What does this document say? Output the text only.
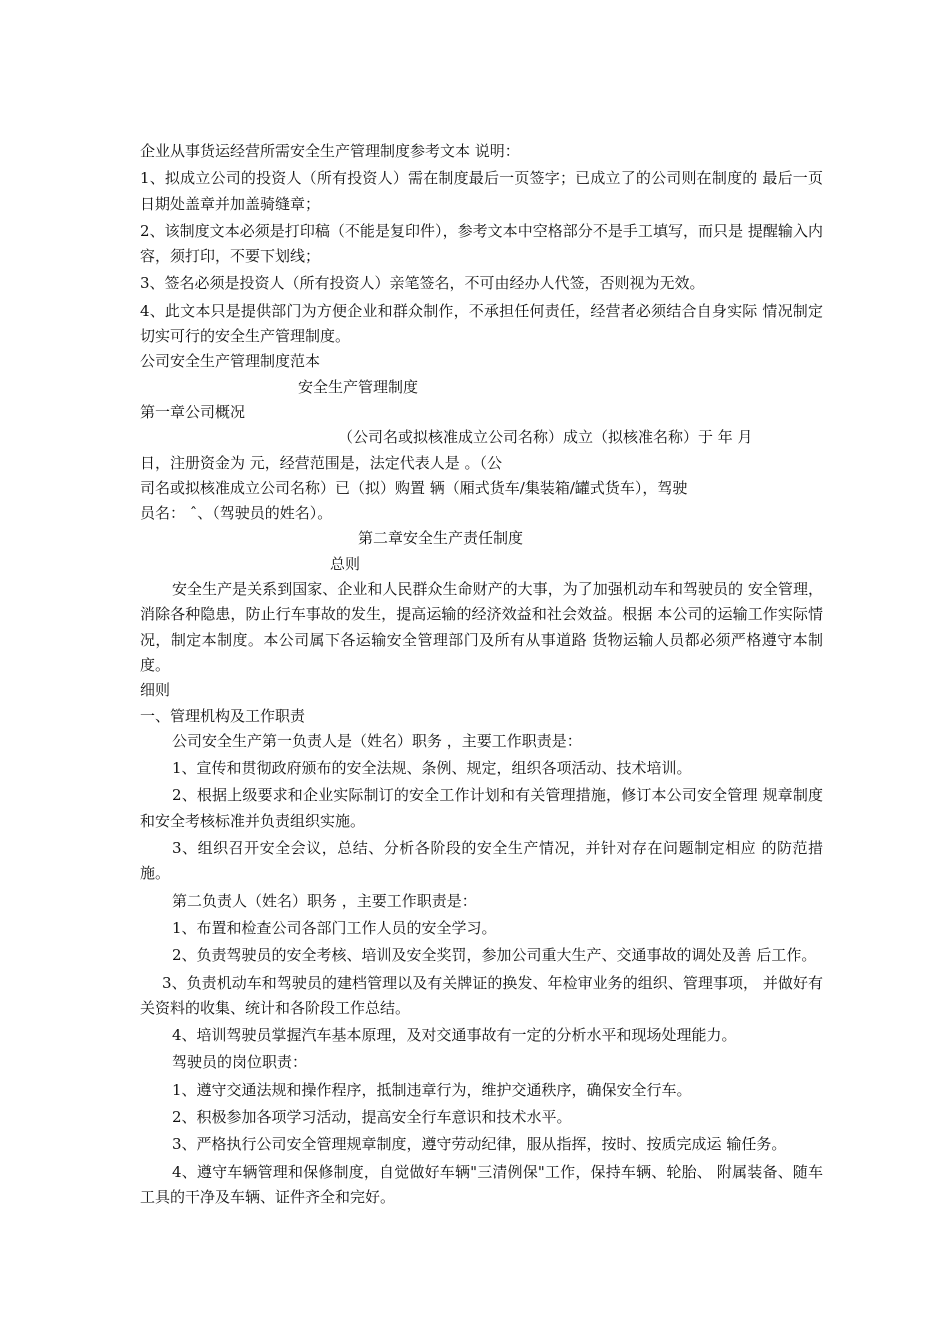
企业从事货运经营所需安全生产管理制度参考文本 说明：

1、拟成立公司的投资人（所有投资人）需在制度最后一页签字；已成立了的公司则在制度的 最后一页日期处盖章并加盖骑缝章；

2、该制度文本必须是打印稿（不能是复印件），参考文本中空格部分不是手工填写，而只是 提醒输入内容，须打印，不要下划线；

3、签名必须是投资人（所有投资人）亲笔签名，不可由经办人代签，否则视为无效。

4、此文本只是提供部门为方便企业和群众制作，不承担任何责任，经营者必须结合自身实际 情况制定切实可行的安全生产管理制度。

公司安全生产管理制度范本

安全生产管理制度

第一章公司概况

（公司名或拟核准成立公司名称）成立（拟核准名称）于 年 月

日，注册资金为 元，经营范围是，法定代表人是 。（公

司名或拟核准成立公司名称）已（拟）购置 辆（厢式货车/集装箱/罐式货车），驾驶

员名： ˆ、（驾驶员的姓名）。

第二章安全生产责任制度

总则

安全生产是关系到国家、企业和人民群众生命财产的大事，为了加强机动车和驾驶员的 安全管理，消除各种隐患，防止行车事故的发生，提高运输的经济效益和社会效益。根据 本公司的运输工作实际情况，制定本制度。本公司属下各运输安全管理部门及所有从事道路 货物运输人员都必须严格遵守本制度。

细则

一、管理机构及工作职责

公司安全生产第一负责人是（姓名）职务 ，主要工作职责是：

1、宣传和贯彻政府颁布的安全法规、条例、规定，组织各项活动、技术培训。

2、根据上级要求和企业实际制订的安全工作计划和有关管理措施，修订本公司安全管理 规章制度和安全考核标准并负责组织实施。

3、组织召开安全会议，总结、分析各阶段的安全生产情况，并针对存在问题制定相应 的防范措施。

第二负责人（姓名）职务 ，主要工作职责是：

1、布置和检查公司各部门工作人员的安全学习。

2、负责驾驶员的安全考核、培训及安全奖罚，参加公司重大生产、交通事故的调处及善 后工作。

3、负责机动车和驾驶员的建档管理以及有关牌证的换发、年检审业务的组织、管理事项， 并做好有关资料的收集、统计和各阶段工作总结。

4、培训驾驶员掌握汽车基本原理，及对交通事故有一定的分析水平和现场处理能力。

驾驶员的岗位职责：

1、遵守交通法规和操作程序，抵制违章行为，维护交通秩序，确保安全行车。

2、积极参加各项学习活动，提高安全行车意识和技术水平。

3、严格执行公司安全管理规章制度，遵守劳动纪律，服从指挥，按时、按质完成运 输任务。

4、遵守车辆管理和保修制度，自觉做好车辆"三清例保"工作，保持车辆、轮胎、 附属装备、随车工具的干净及车辆、证件齐全和完好。
